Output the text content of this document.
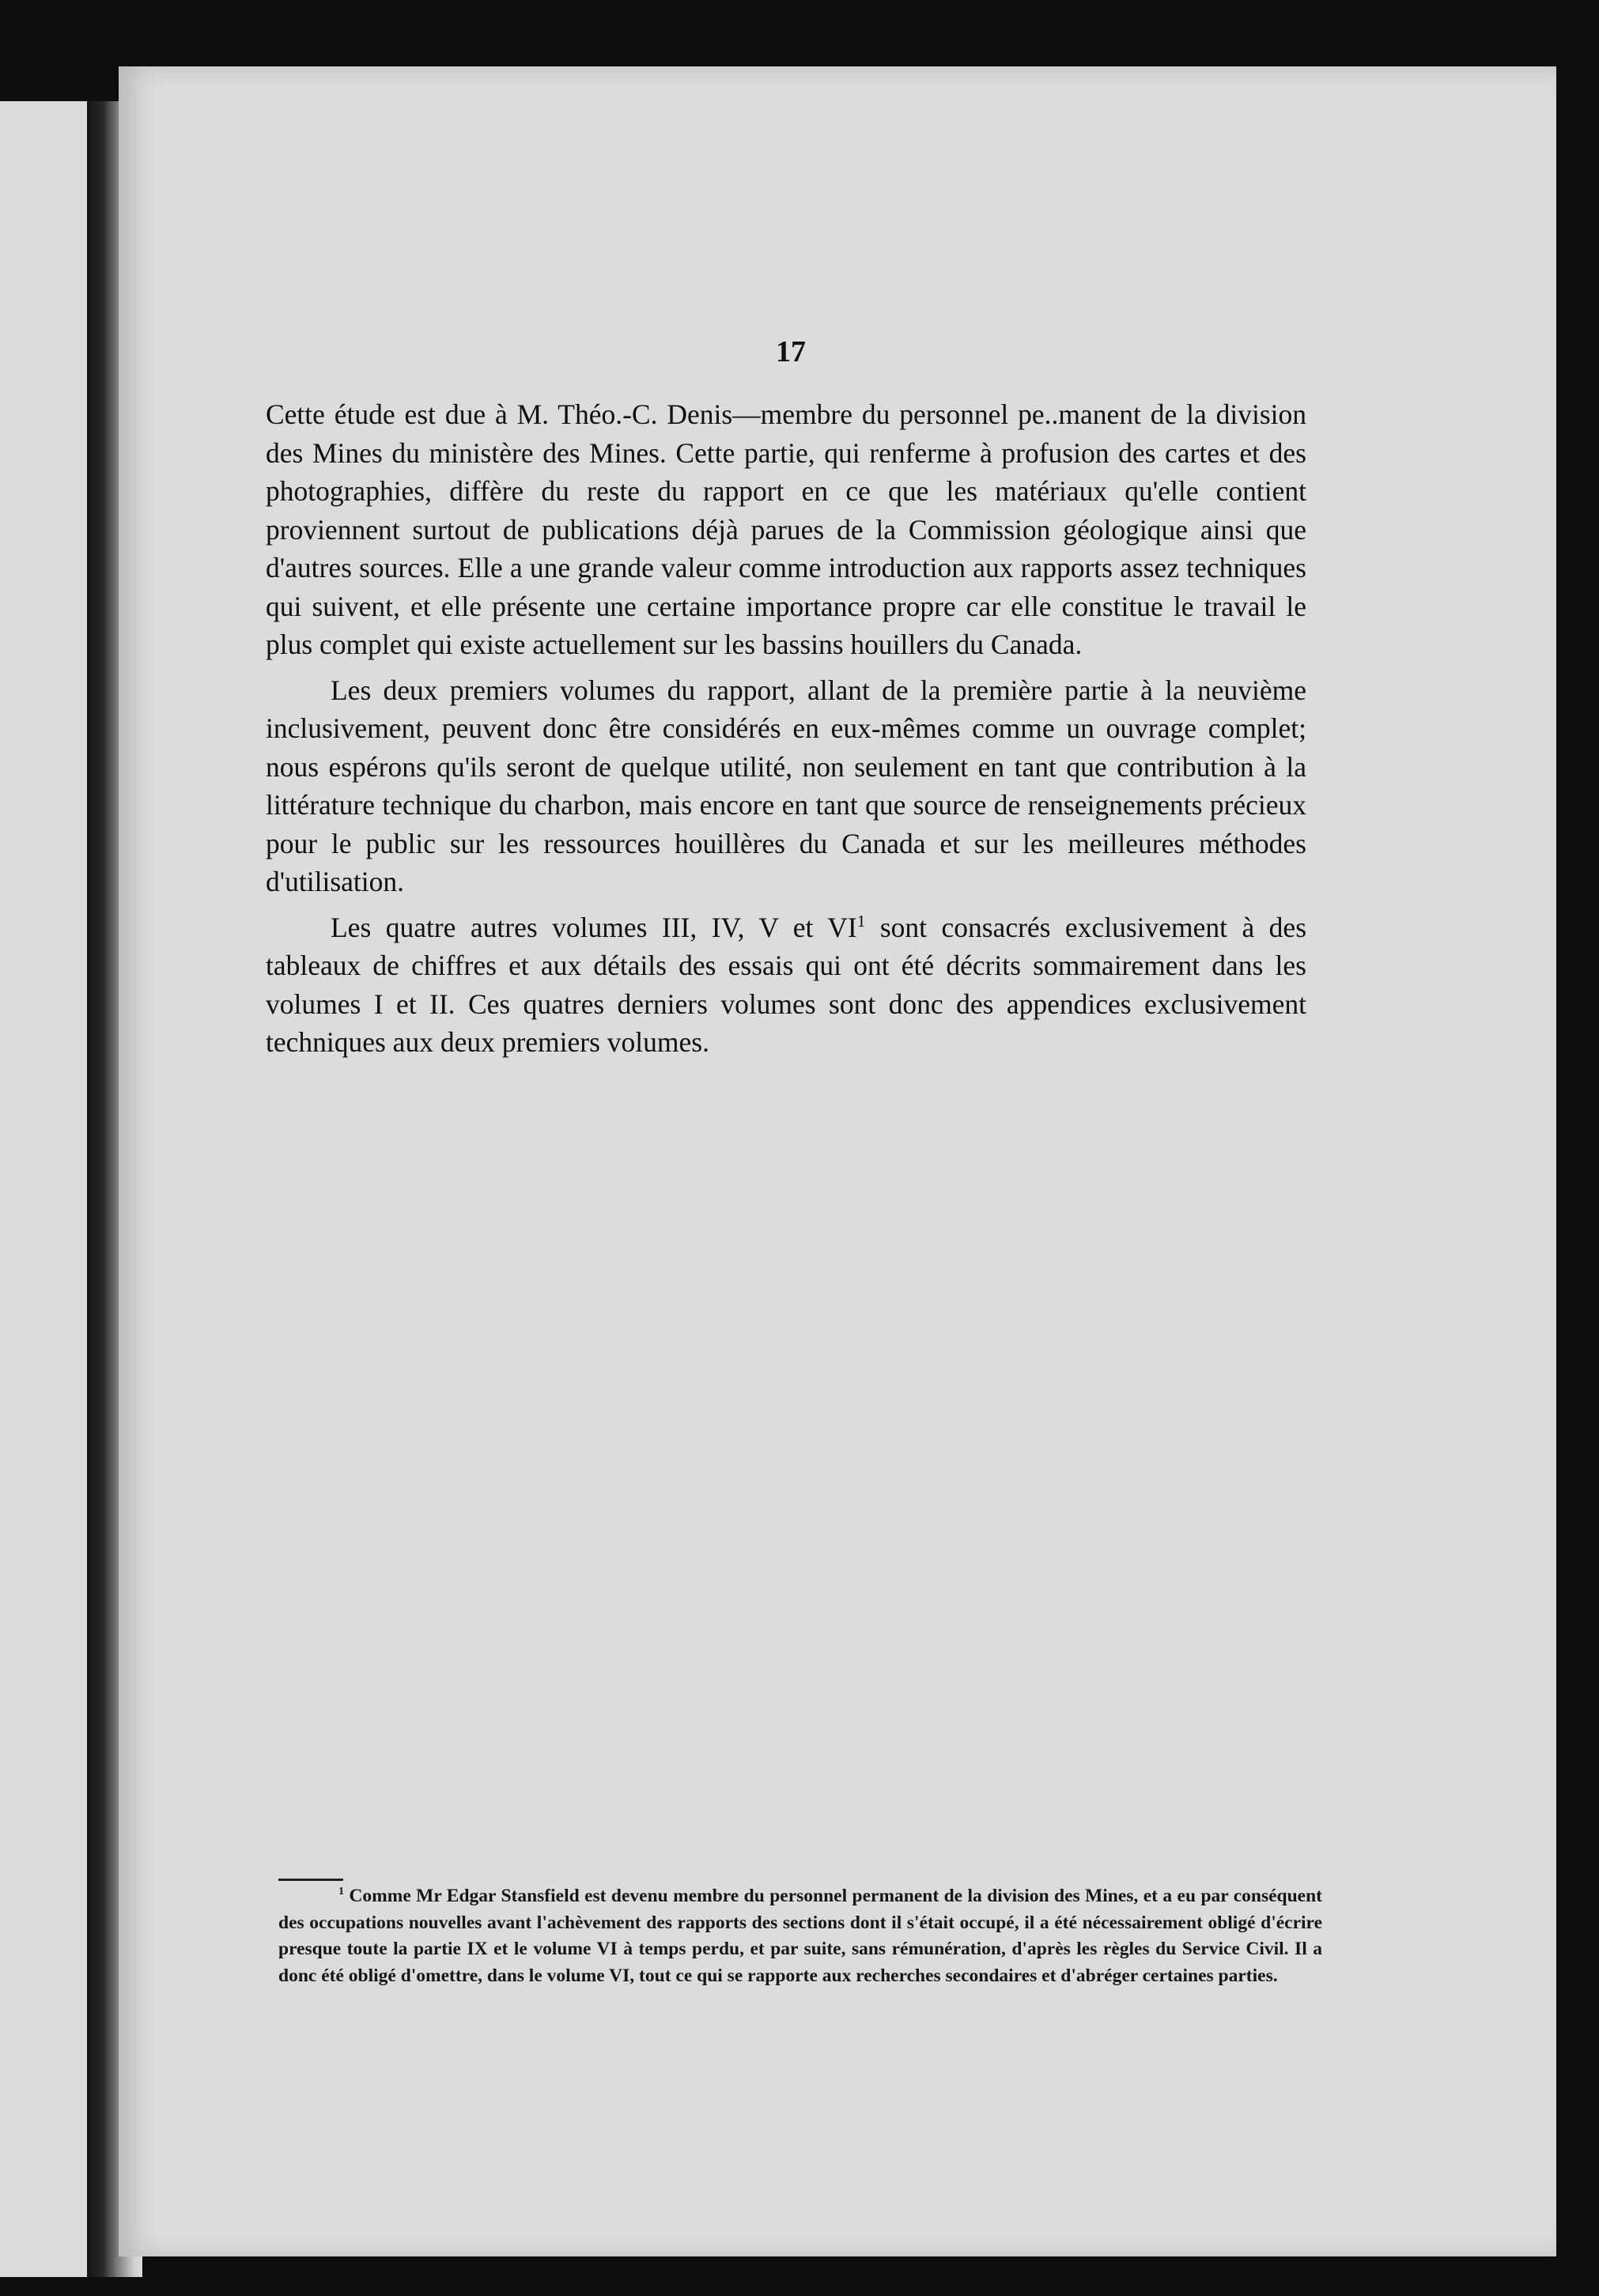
17

Cette étude est due à M. Théo.-C. Denis—membre du personnel pe..manent de la division des Mines du ministère des Mines. Cette partie, qui renferme à profusion des cartes et des photographies, diffère du reste du rapport en ce que les matériaux qu'elle contient proviennent surtout de publications déjà parues de la Commission géologique ainsi que d'autres sources. Elle a une grande valeur comme introduction aux rapports assez techniques qui suivent, et elle présente une certaine importance propre car elle constitue le travail le plus complet qui existe actuellement sur les bassins houillers du Canada.

Les deux premiers volumes du rapport, allant de la première partie à la neuvième inclusivement, peuvent donc être considérés en eux-mêmes comme un ouvrage complet; nous espérons qu'ils seront de quelque utilité, non seulement en tant que contribution à la littérature technique du charbon, mais encore en tant que source de renseignements précieux pour le public sur les ressources houillères du Canada et sur les meilleures méthodes d'utilisation.

Les quatre autres volumes III, IV, V et $VI^1$ sont consacrés exclusivement à des tableaux de chiffres et aux détails des essais qui ont été décrits sommairement dans les volumes I et II. Ces quatres derniers volumes sont donc des appendices exclusivement techniques aux deux premiers volumes.

$^1$ Comme Mr Edgar Stansfield est devenu membre du personnel permanent de la division des Mines, et a eu par conséquent des occupations nouvelles avant l'achèvement des rapports des sections dont il s'était occupé, il a été nécessairement obligé d'écrire presque toute la partie IX et le volume VI à temps perdu, et par suite, sans rémunération, d'après les règles du Service Civil. Il a donc été obligé d'omettre, dans le volume VI, tout ce qui se rapporte aux recherches secondaires et d'abréger certaines parties.
